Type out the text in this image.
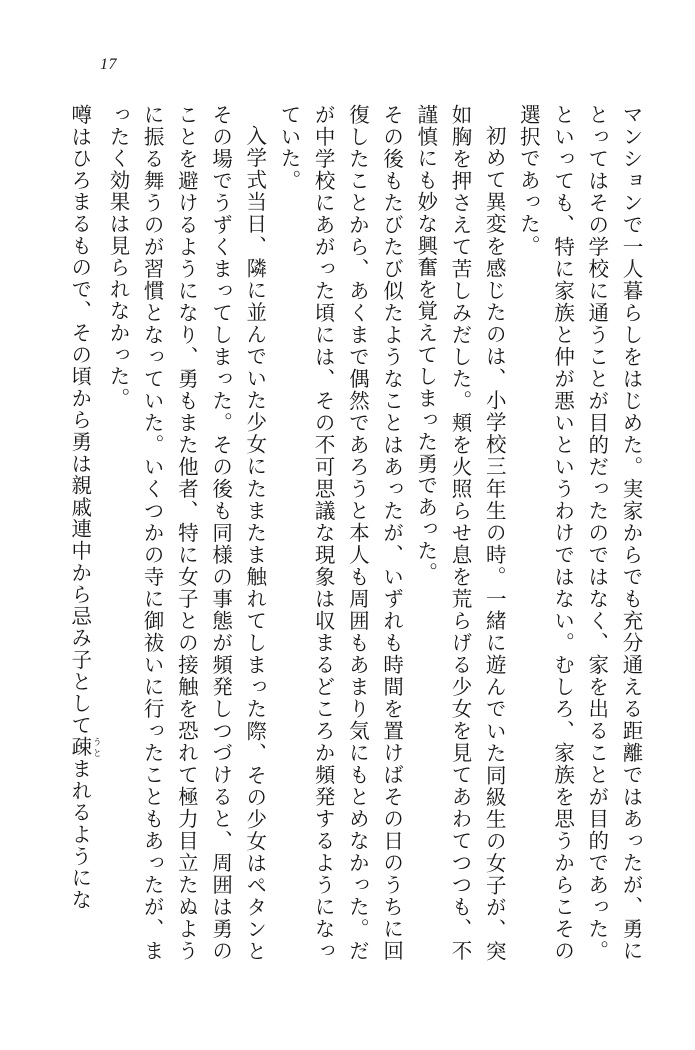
17

マンションで一人暮らしをはじめた。実家からでも充分通える距離ではあったが、勇にとってはその学校に通うことが目的だったのではなく、家を出ることが目的であった。といっても、特に家族と仲が悪いというわけではない。むしろ、家族を思うからこその選択であった。

初めて異変を感じたのは、小学校三年生の時。一緒に遊んでいた同級生の女子が、突如胸を押さえて苦しみだした。頬を火照らせ息を荒らげる少女を見てあわてつつも、不謹慎にも妙な興奮を覚えてしまった勇であった。

その後もたびたび似たようなことはあったが、いずれも時間を置けばその日のうちに回復したことから、あくまで偶然であろうと本人も周囲もあまり気にもとめなかった。だが中学校にあがった頃には、その不可思議な現象は収まるどころか頻発するようになっていた。

入学式当日、隣に並んでいた少女にたまたま触れてしまった際、その少女はペタンとその場でうずくまってしまった。その後も同様の事態が頻発しつづけると、周囲は勇のことを避けるようになり、勇もまた他者、特に女子との接触を恐れて極力目立たぬように振る舞うのが習慣となっていた。いくつかの寺に御祓いに行ったこともあったが、まったく効果は見られなかった。

噂はひろまるもので、その頃から勇は親戚連中から忌み子として疎 うとまれるようにな
